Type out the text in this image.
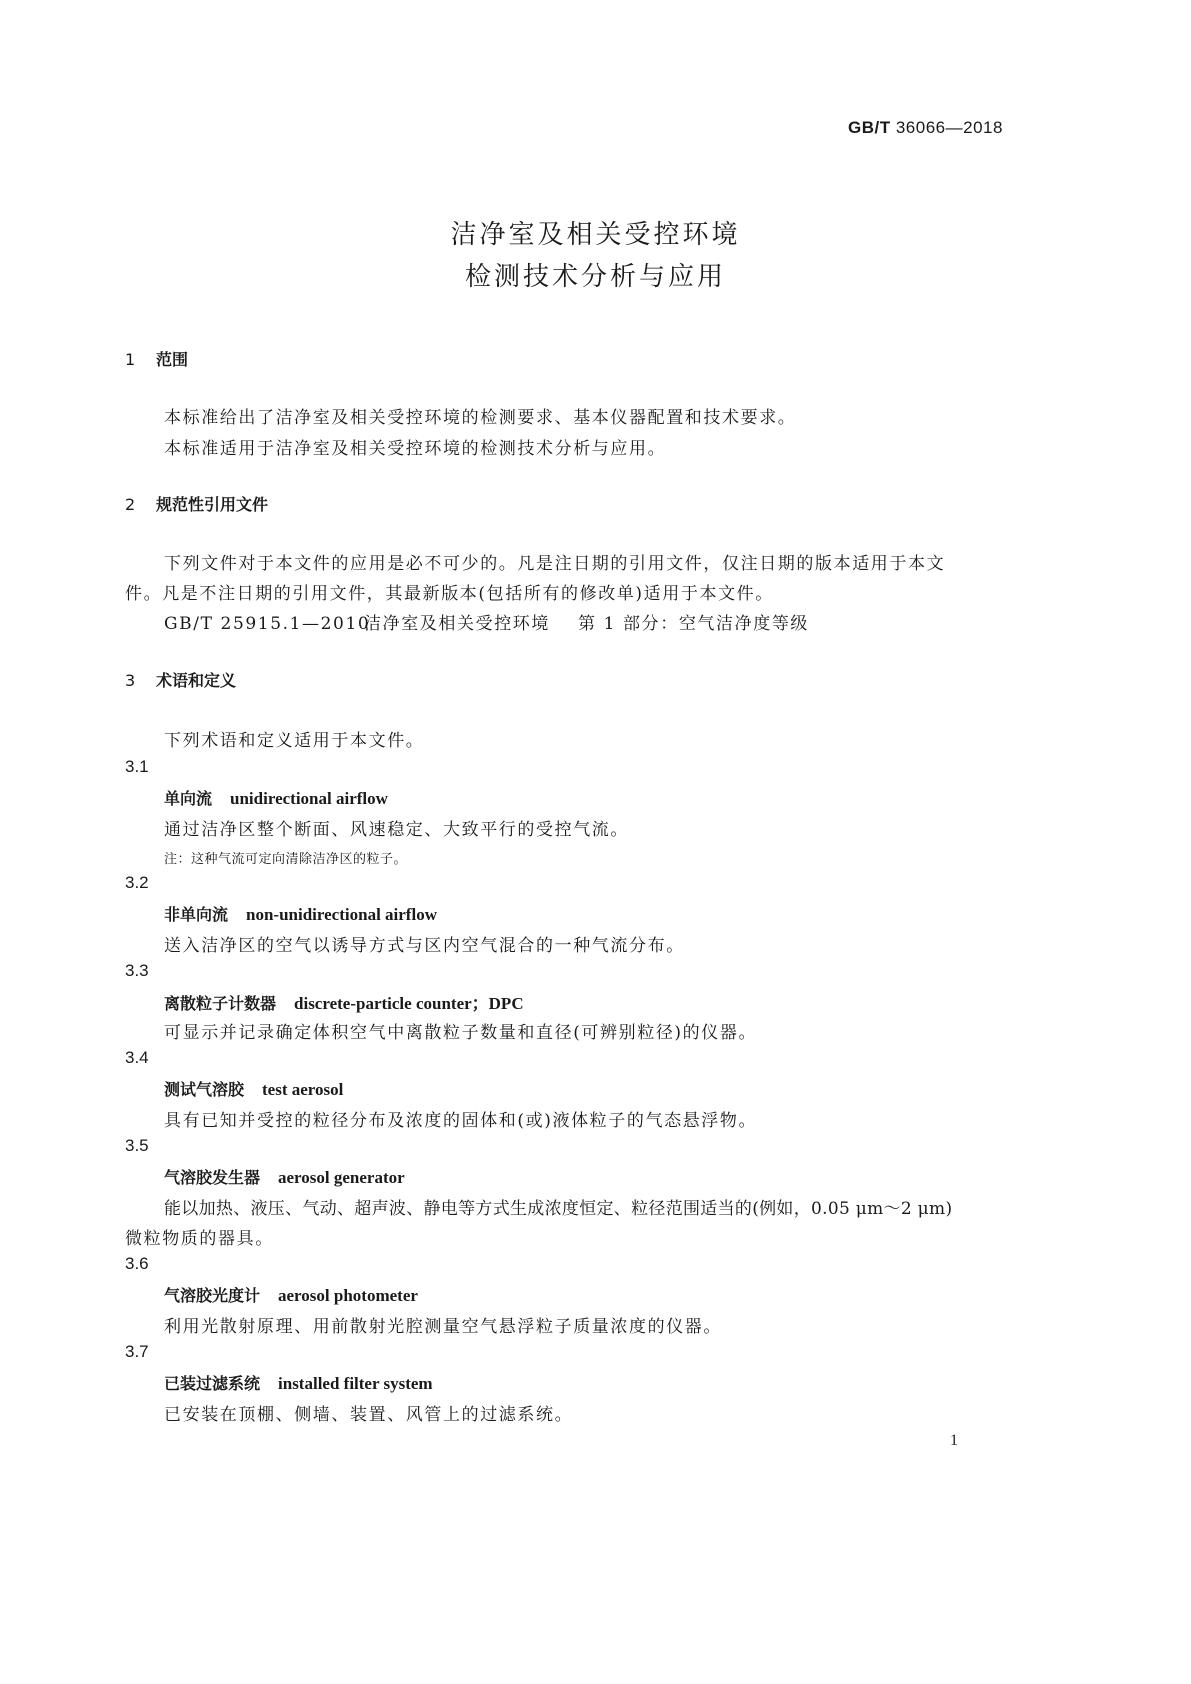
GB/T 36066—2018
洁净室及相关受控环境
检测技术分析与应用
1 范围
本标准给出了洁净室及相关受控环境的检测要求、基本仪器配置和技术要求。
本标准适用于洁净室及相关受控环境的检测技术分析与应用。
2 规范性引用文件
下列文件对于本文件的应用是必不可少的。凡是注日期的引用文件，仅注日期的版本适用于本文
件。凡是不注日期的引用文件，其最新版本(包括所有的修改单)适用于本文件。
GB/T 25915.1—2010洁净室及相关受控环境 第 1 部分：空气洁净度等级
3 术语和定义
下列术语和定义适用于本文件。
3.1
单向流 unidirectional airflow
通过洁净区整个断面、风速稳定、大致平行的受控气流。
注：这种气流可定向清除洁净区的粒子。
3.2
非单向流 non-unidirectional airflow
送入洁净区的空气以诱导方式与区内空气混合的一种气流分布。
3.3
离散粒子计数器 discrete-particle counter；DPC
可显示并记录确定体积空气中离散粒子数量和直径(可辨别粒径)的仪器。
3.4
测试气溶胶 test aerosol
具有已知并受控的粒径分布及浓度的固体和(或)液体粒子的气态悬浮物。
3.5
气溶胶发生器 aerosol generator
能以加热、液压、气动、超声波、静电等方式生成浓度恒定、粒径范围适当的(例如，0.05 μm～2 μm)
微粒物质的器具。
3.6
气溶胶光度计 aerosol photometer
利用光散射原理、用前散射光腔测量空气悬浮粒子质量浓度的仪器。
3.7
已装过滤系统 installed filter system
已安装在顶棚、侧墙、装置、风管上的过滤系统。
1
